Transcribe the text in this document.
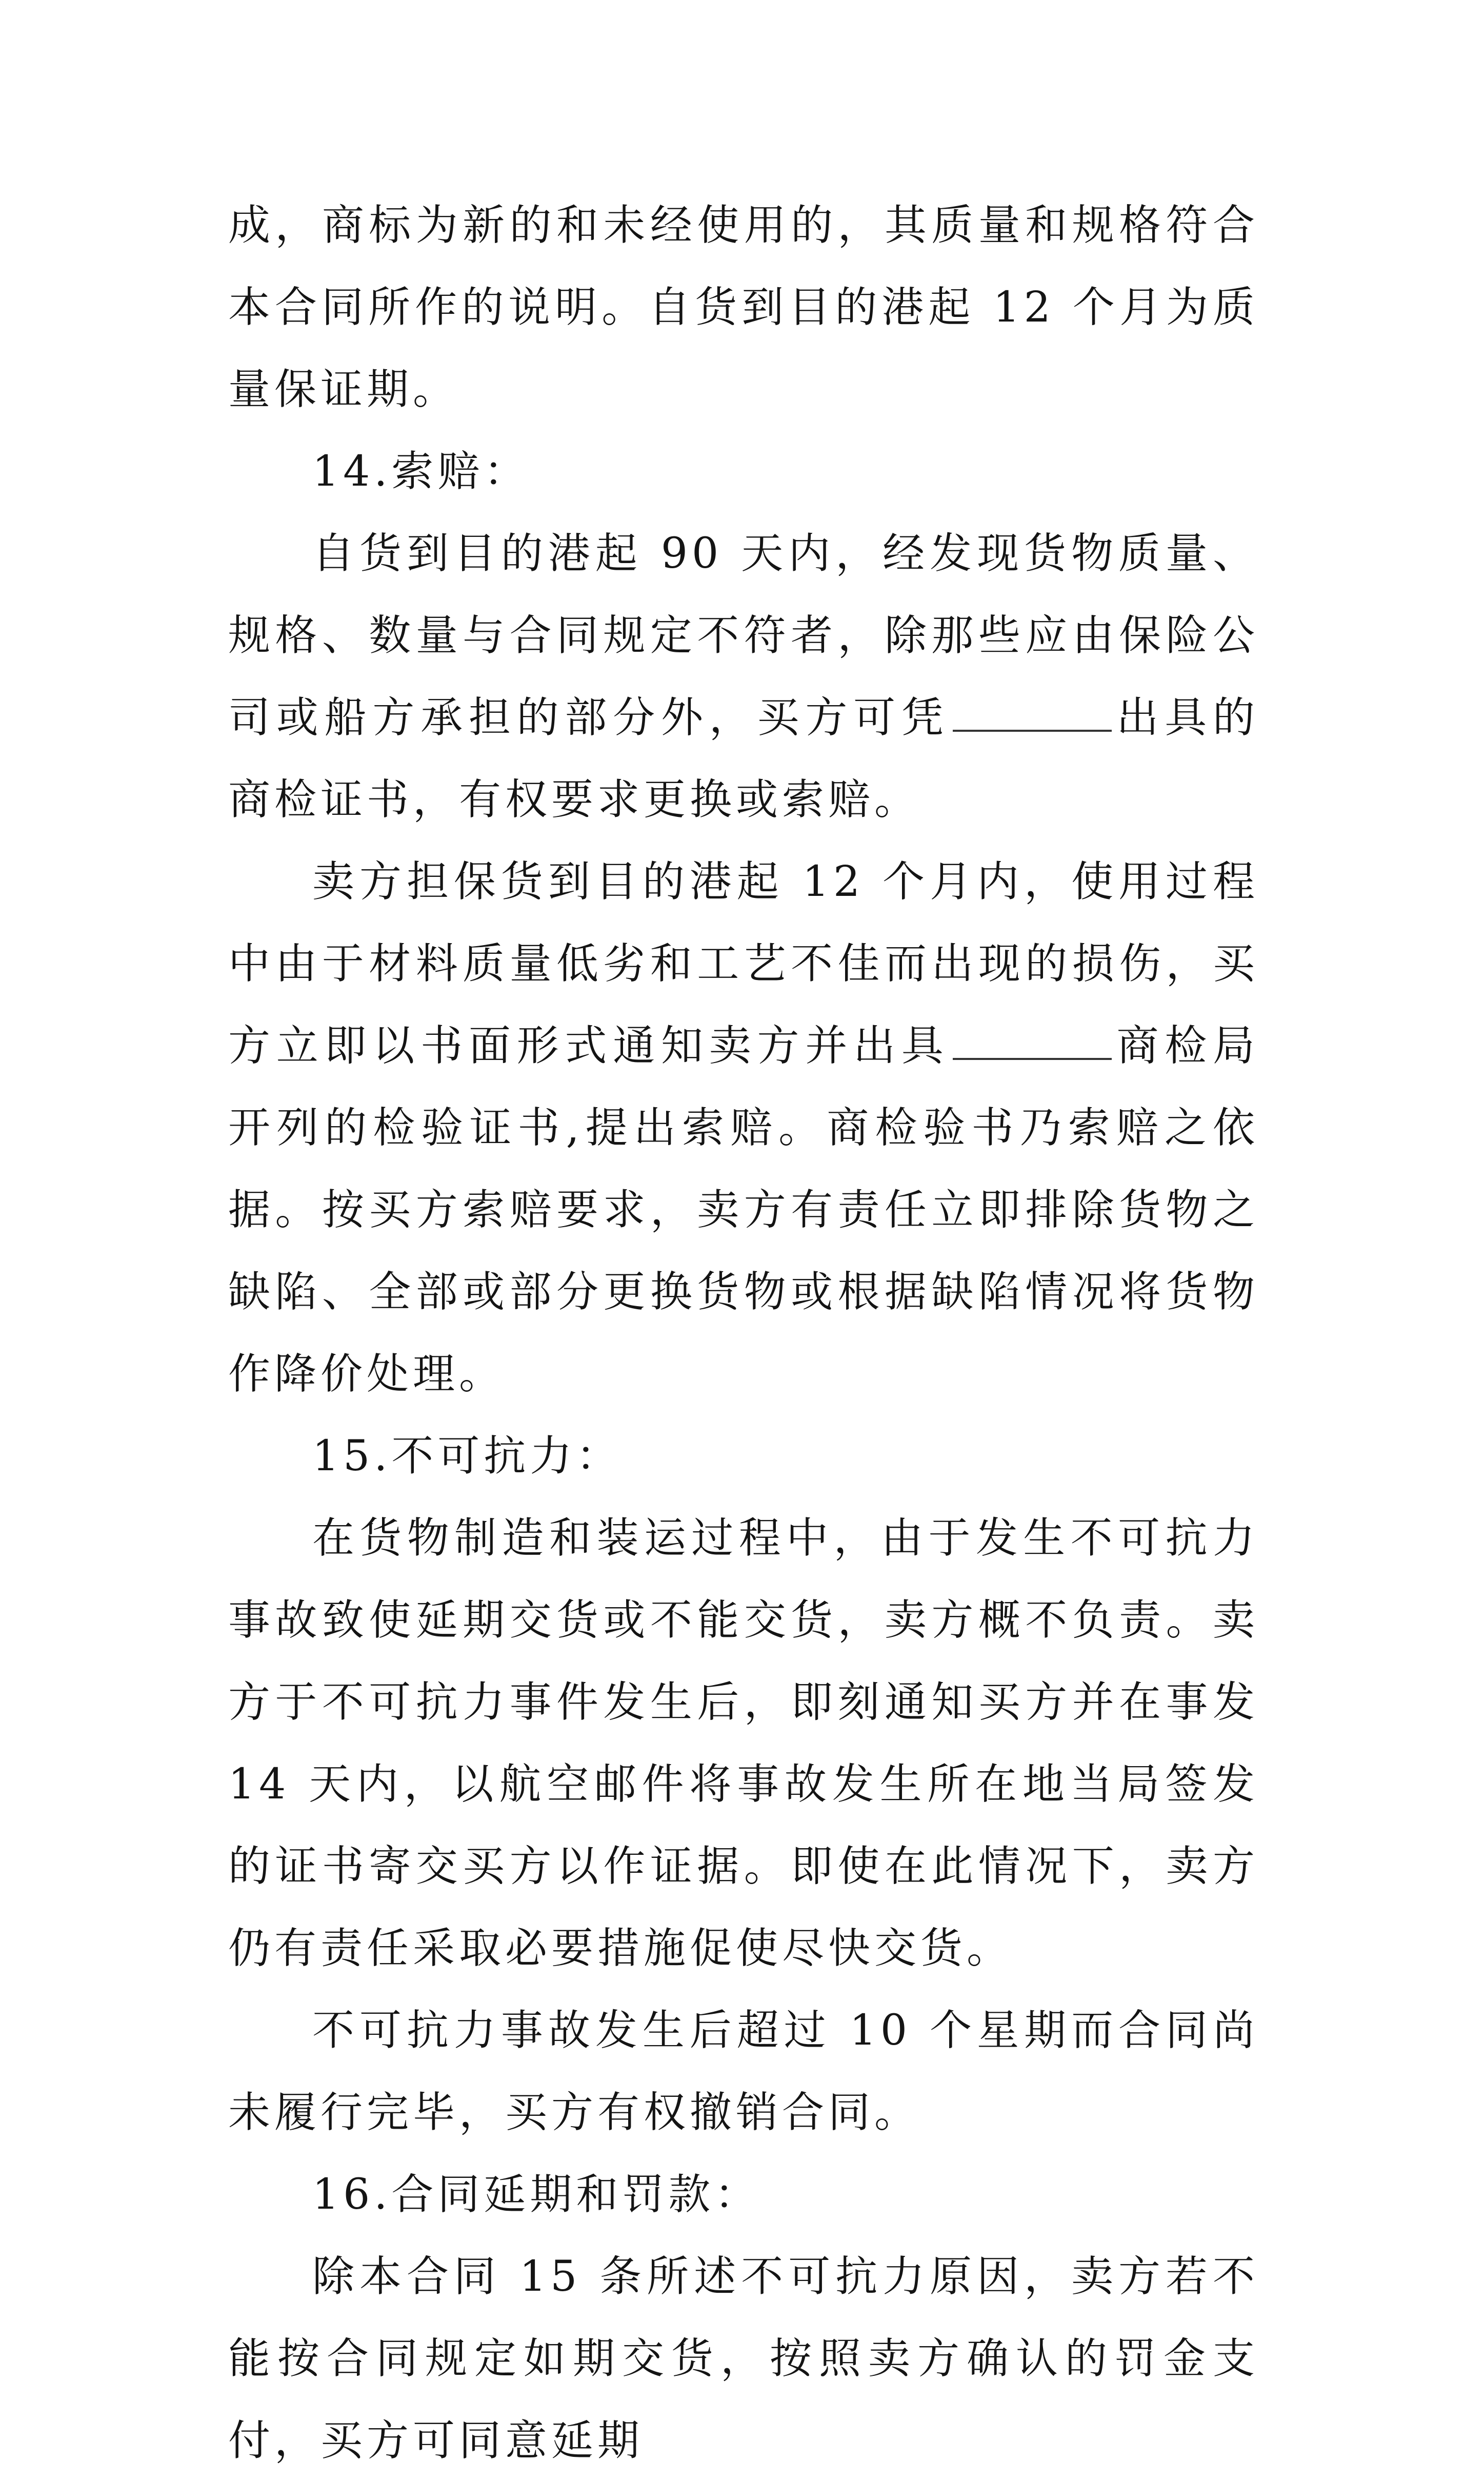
成，商标为新的和未经使用的，其质量和规格符合本合同所作的说明。自货到目的港起 12 个月为质量保证期。

14.索赔：

自货到目的港起 90 天内，经发现货物质量、规格、数量与合同规定不符者，除那些应由保险公司或船方承担的部分外，买方可凭	出具的商检证书，有权要求更换或索赔。

卖方担保货到目的港起 12 个月内，使用过程中由于材料质量低劣和工艺不佳而出现的损伤，买方立即以书面形式通知卖方并出具	商检局开列的检验证书,提出索赔。商检验书乃索赔之依据。按买方索赔要求，卖方有责任立即排除货物之缺陷、全部或部分更换货物或根据缺陷情况将货物作降价处理。

15.不可抗力：

在货物制造和装运过程中，由于发生不可抗力事故致使延期交货或不能交货，卖方概不负责。卖方于不可抗力事件发生后，即刻通知买方并在事发 14 天内，以航空邮件将事故发生所在地当局签发的证书寄交买方以作证据。即使在此情况下，卖方仍有责任采取必要措施促使尽快交货。

不可抗力事故发生后超过 10 个星期而合同尚未履行完毕，买方有权撤销合同。

16.合同延期和罚款：

除本合同 15 条所述不可抗力原因，卖方若不能按合同规定如期交货，按照卖方确认的罚金支付，买方可同意延期
